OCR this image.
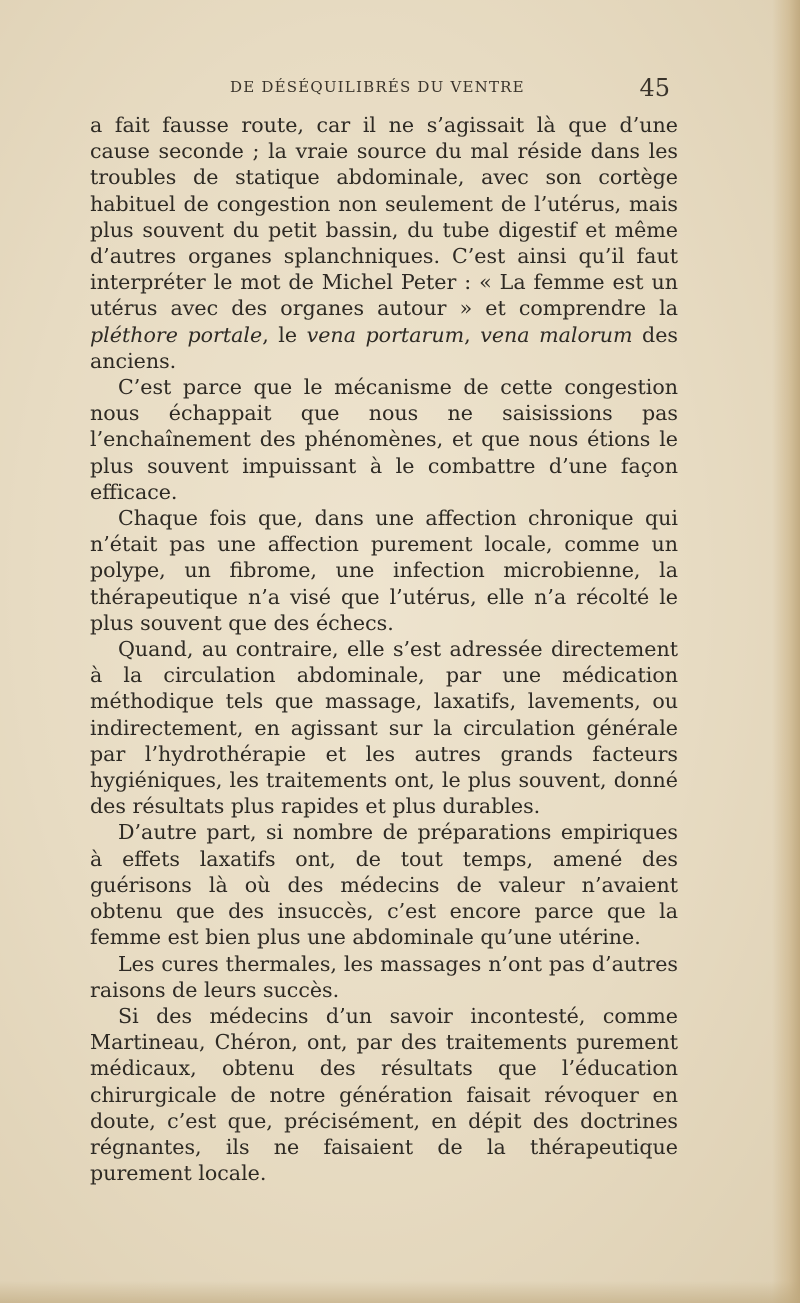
DE DÉSÉQUILIBRÉS DU VENTRE	45

a fait fausse route, car il ne s’agissait là que d’une cause seconde ; la vraie source du mal réside dans les troubles de statique abdominale, avec son cortège habituel de congestion non seulement de l’utérus, mais plus souvent du petit bassin, du tube digestif et même d’autres organes splanchniques. C’est ainsi qu’il faut interpréter le mot de Michel Peter : « La femme est un utérus avec des organes autour » et comprendre la pléthore portale, le vena portarum, vena malorum des anciens.

C’est parce que le mécanisme de cette congestion nous échappait que nous ne saisissions pas l’enchaînement des phénomènes, et que nous étions le plus souvent impuissant à le combattre d’une façon efficace.

Chaque fois que, dans une affection chronique qui n’était pas une affection purement locale, comme un polype, un fibrome, une infection microbienne, la thérapeutique n’a visé que l’utérus, elle n’a récolté le plus souvent que des échecs.

Quand, au contraire, elle s’est adressée directement à la circulation abdominale, par une médication méthodique tels que massage, laxatifs, lavements, ou indirectement, en agissant sur la circulation générale par l’hydrothérapie et les autres grands facteurs hygiéniques, les traitements ont, le plus souvent, donné des résultats plus rapides et plus durables.

D’autre part, si nombre de préparations empiriques à effets laxatifs ont, de tout temps, amené des guérisons là où des médecins de valeur n’avaient obtenu que des insuccès, c’est encore parce que la femme est bien plus une abdominale qu’une utérine.

Les cures thermales, les massages n’ont pas d’autres raisons de leurs succès.

Si des médecins d’un savoir incontesté, comme Martineau, Chéron, ont, par des traitements purement médicaux, obtenu des résultats que l’éducation chirurgicale de notre génération faisait révoquer en doute, c’est que, précisément, en dépit des doctrines régnantes, ils ne faisaient de la thérapeutique purement locale.
